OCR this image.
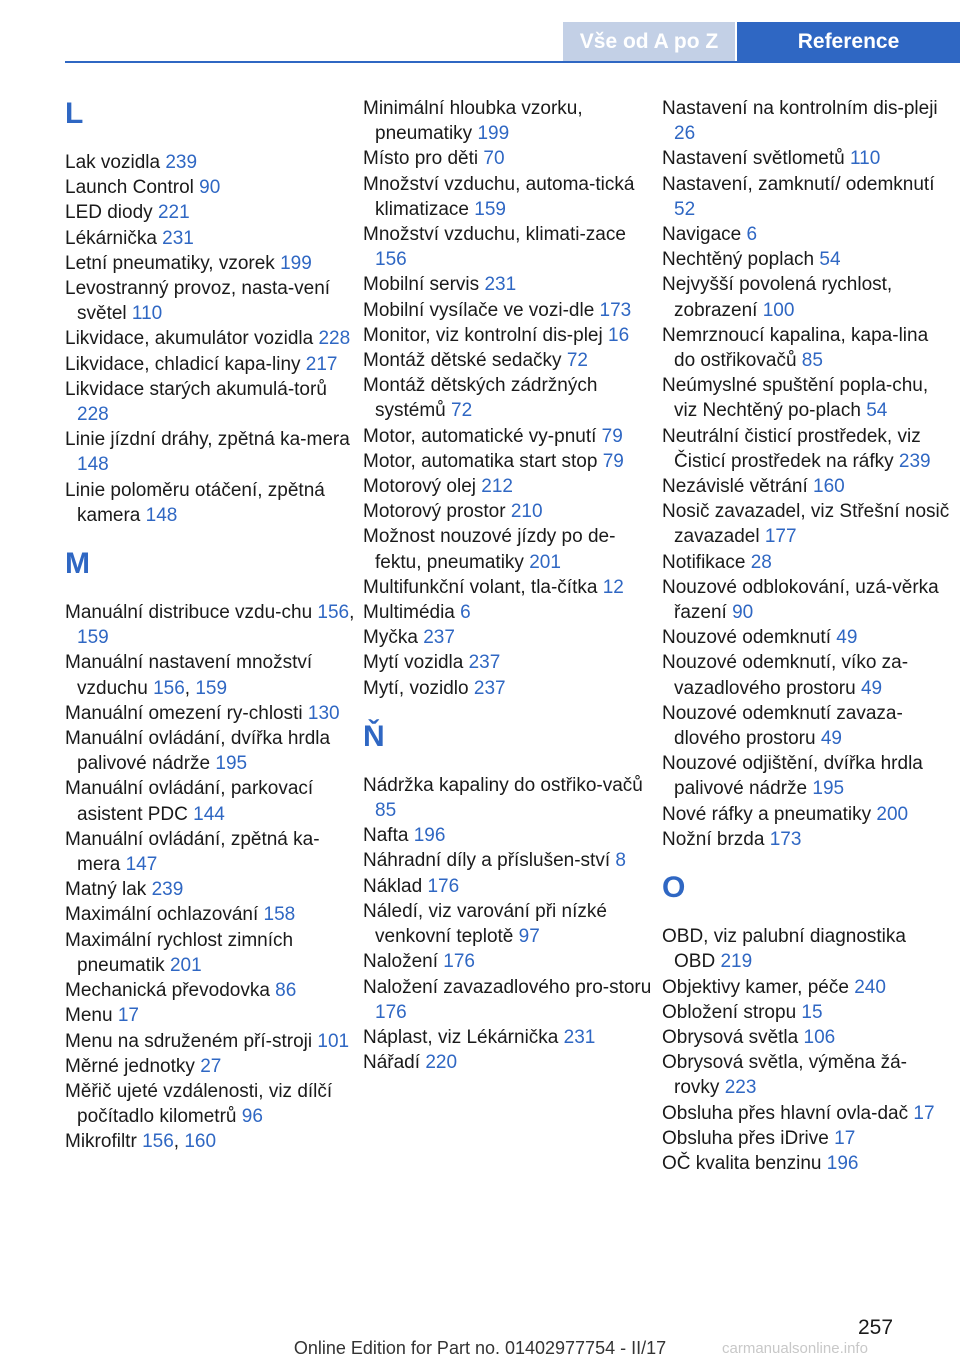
Vše od A po Z	Reference
L
Lak vozidla 239
Launch Control 90
LED diody 221
Lékárnička 231
Letní pneumatiky, vzorek 199
Levostranný provoz, nasta-vení světel 110
Likvidace, akumulátor vozidla 228
Likvidace, chladicí kapa-liny 217
Likvidace starých akumulá-torů 228
Linie jízdní dráhy, zpětná ka-mera 148
Linie poloměru otáčení, zpětná kamera 148
M
Manuální distribuce vzdu-chu 156, 159
Manuální nastavení množství vzduchu 156, 159
Manuální omezení ry-chlosti 130
Manuální ovládání, dvířka hrdla palivové nádrže 195
Manuální ovládání, parkovací asistent PDC 144
Manuální ovládání, zpětná ka-mera 147
Matný lak 239
Maximální ochlazování 158
Maximální rychlost zimních pneumatik 201
Mechanická převodovka 86
Menu 17
Menu na sdruženém pří-stroji 101
Měrné jednotky 27
Měřič ujeté vzdálenosti, viz dílčí počítadlo kilometrů 96
Mikrofiltr 156, 160
Minimální hloubka vzorku, pneumatiky 199
Místo pro děti 70
Množství vzduchu, automa-tická klimatizace 159
Množství vzduchu, klimati-zace 156
Mobilní servis 231
Mobilní vysílače ve vozi-dle 173
Monitor, viz kontrolní dis-plej 16
Montáž dětské sedačky 72
Montáž dětských zádržných systémů 72
Motor, automatické vy-pnutí 79
Motor, automatika start stop 79
Motorový olej 212
Motorový prostor 210
Možnost nouzové jízdy po de-fektu, pneumatiky 201
Multifunkční volant, tla-čítka 12
Multimédia 6
Myčka 237
Mytí vozidla 237
Mytí, vozidlo 237
Ň
Nádržka kapaliny do ostřiko-vačů 85
Nafta 196
Náhradní díly a příslušen-ství 8
Náklad 176
Náledí, viz varování při nízké venkovní teplotě 97
Naložení 176
Naložení zavazadlového pro-storu 176
Náplast, viz Lékárnička 231
Nářadí 220
Nastavení na kontrolním dis-pleji 26
Nastavení světlometů 110
Nastavení, zamknutí/ odemknutí 52
Navigace 6
Nechtěný poplach 54
Nejvyšší povolená rychlost, zobrazení 100
Nemrznoucí kapalina, kapa-lina do ostřikovačů 85
Neúmyslné spuštění popla-chu, viz Nechtěný po-plach 54
Neutrální čisticí prostředek, viz Čisticí prostředek na ráfky 239
Nezávislé větrání 160
Nosič zavazadel, viz Střešní nosič zavazadel 177
Notifikace 28
Nouzové odblokování, uzá-věrka řazení 90
Nouzové odemknutí 49
Nouzové odemknutí, víko za-vazadlového prostoru 49
Nouzové odemknutí zavaza-dlového prostoru 49
Nouzové odjištění, dvířka hrdla palivové nádrže 195
Nové ráfky a pneumatiky 200
Nožní brzda 173
O
OBD, viz palubní diagnostika OBD 219
Objektivy kamer, péče 240
Obložení stropu 15
Obrysová světla 106
Obrysová světla, výměna žá-rovky 223
Obsluha přes hlavní ovla-dač 17
Obsluha přes iDrive 17
OČ kvalita benzinu 196
257
Online Edition for Part no. 01402977754 - II/17	carmanualsonline.info
